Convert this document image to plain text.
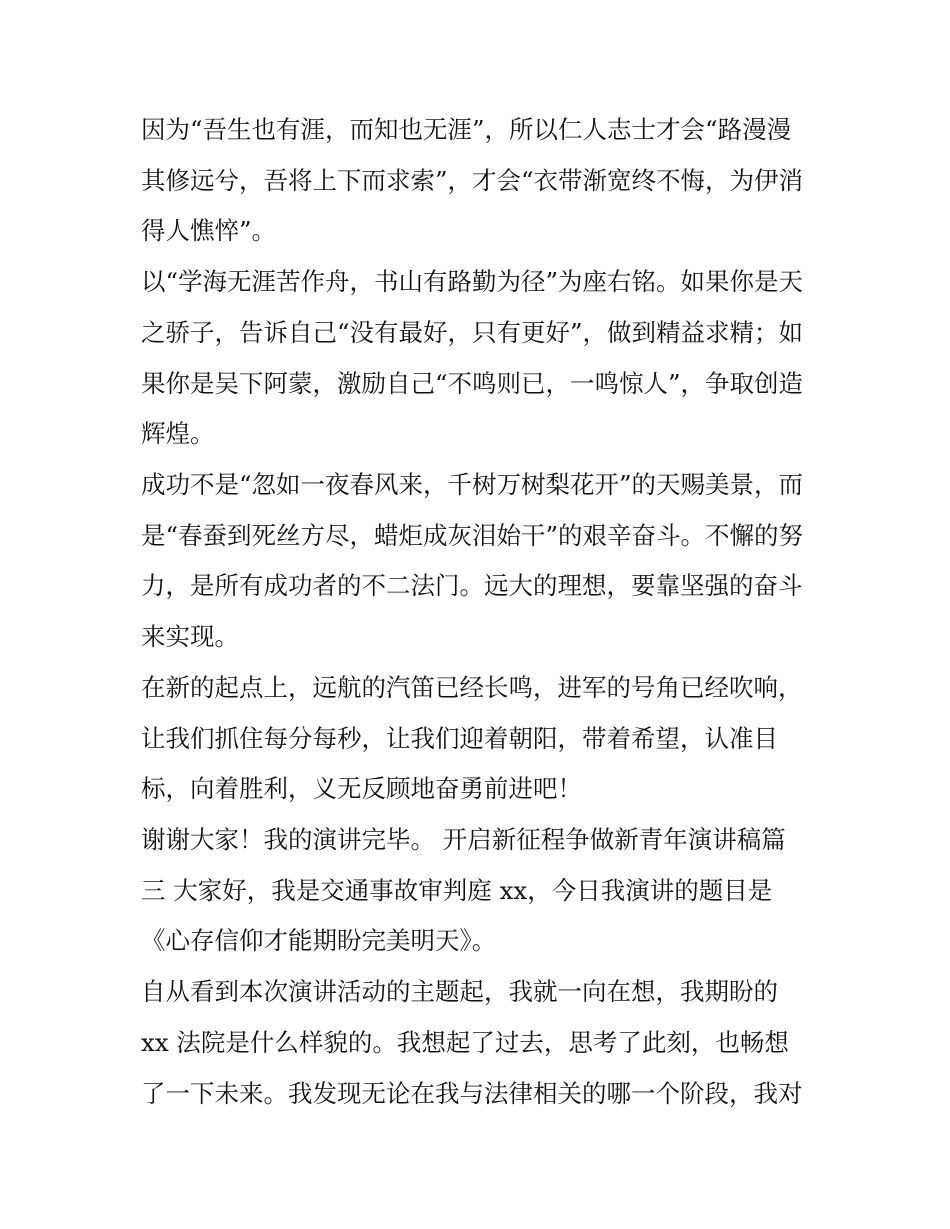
因为“吾生也有涯，而知也无涯”，所以仁人志士才会“路漫漫
其修远兮，吾将上下而求索”，才会“衣带渐宽终不悔，为伊消
得人憔悴”。
以“学海无涯苦作舟，书山有路勤为径”为座右铭。如果你是天
之骄子，告诉自己“没有最好，只有更好”，做到精益求精；如
果你是吴下阿蒙，激励自己“不鸣则已，一鸣惊人”，争取创造
辉煌。
成功不是“忽如一夜春风来，千树万树梨花开”的天赐美景，而
是“春蚕到死丝方尽，蜡炬成灰泪始干”的艰辛奋斗。不懈的努
力，是所有成功者的不二法门。远大的理想，要靠坚强的奋斗
来实现。
在新的起点上，远航的汽笛已经长鸣，进军的号角已经吹响，
让我们抓住每分每秒，让我们迎着朝阳，带着希望，认准目
标，向着胜利，义无反顾地奋勇前进吧！
谢谢大家！我的演讲完毕。 开启新征程争做新青年演讲稿篇
三 大家好，我是交通事故审判庭 xx，今日我演讲的题目是
《心存信仰才能期盼完美明天》。
自从看到本次演讲活动的主题起，我就一向在想，我期盼的
xx 法院是什么样貌的。我想起了过去，思考了此刻，也畅想
了一下未来。我发现无论在我与法律相关的哪一个阶段，我对
